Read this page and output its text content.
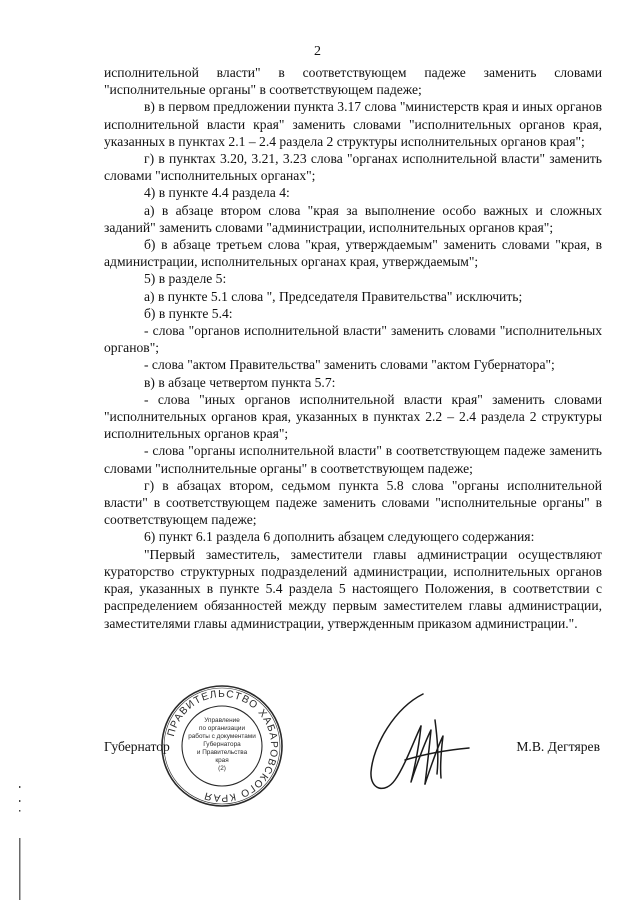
2

исполнительной власти" в соответствующем падеже заменить словами "исполнительные органы" в соответствующем падеже;

в) в первом предложении пункта 3.17 слова "министерств края и иных органов исполнительной власти края" заменить словами "исполнительных органов края, указанных в пунктах 2.1 – 2.4 раздела 2 структуры исполнительных органов края";

г) в пунктах 3.20, 3.21, 3.23 слова "органах исполнительной власти" заменить словами "исполнительных органах";

4) в пункте 4.4 раздела 4:

а) в абзаце втором слова "края за выполнение особо важных и сложных заданий" заменить словами "администрации, исполнительных органов края";

б) в абзаце третьем слова "края, утверждаемым" заменить словами "края, в администрации, исполнительных органах края, утверждаемым";

5) в разделе 5:

а) в пункте 5.1 слова ", Председателя Правительства" исключить;

б) в пункте 5.4:

- слова "органов исполнительной власти" заменить словами "исполнительных органов";

- слова "актом Правительства" заменить словами "актом Губернатора";

в) в абзаце четвертом пункта 5.7:

- слова "иных органов исполнительной власти края" заменить словами "исполнительных органов края, указанных в пунктах 2.2 – 2.4 раздела 2 структуры исполнительных органов края";

- слова "органы исполнительной власти" в соответствующем падеже заменить словами "исполнительные органы" в соответствующем падеже;

г) в абзацах втором, седьмом пункта 5.8 слова "органы исполнительной власти" в соответствующем падеже заменить словами "исполнительные органы" в соответствующем падеже;

6) пункт 6.1 раздела 6 дополнить абзацем следующего содержания:

"Первый заместитель, заместители главы администрации осуществляют кураторство структурных подразделений администрации, исполнительных органов края, указанных в пункте 5.4 раздела 5 настоящего Положения, в соответствии с распределением обязанностей между первым заместителем главы администрации, заместителями главы администрации, утвержденным приказом администрации.".

Губернатор	М.В. Дегтярев
ПРАВИТЕЛЬСТВО ХАБАРОВСКОГО КРАЯ
Управление
по организации
работы с документами
Губернатора
и Правительства
края
(2)
